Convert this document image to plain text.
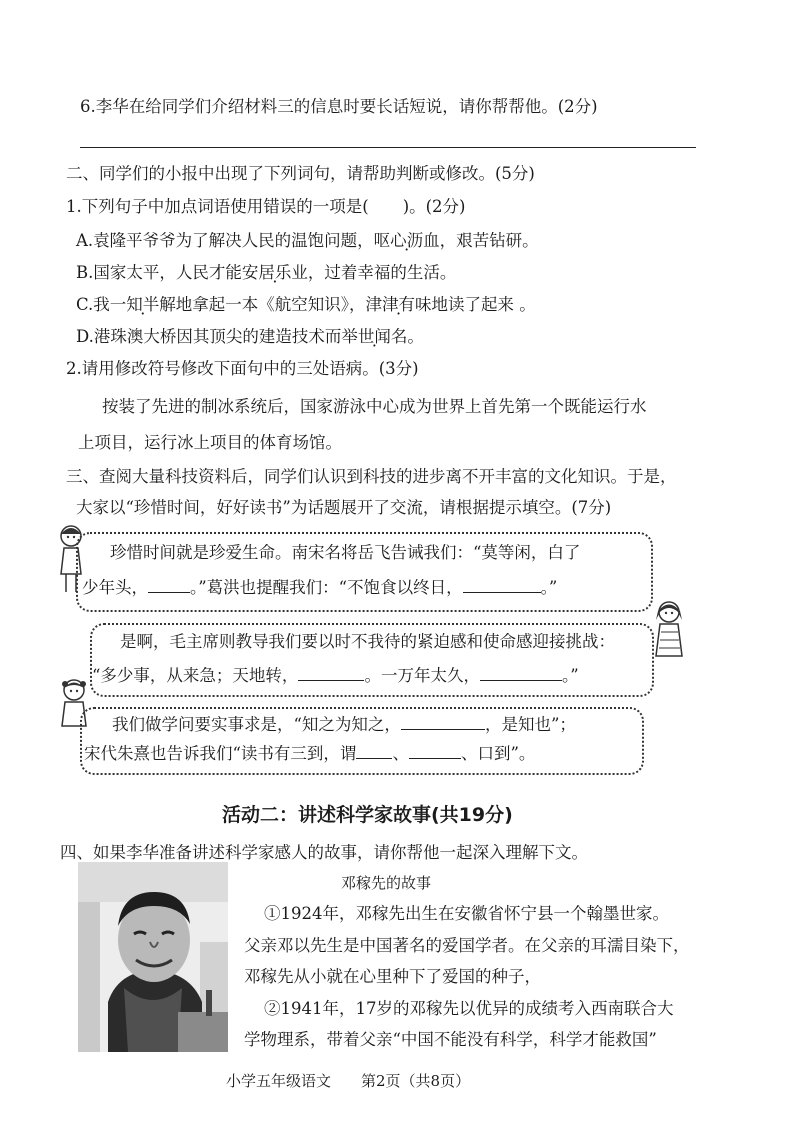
6.李华在给同学们介绍材料三的信息时要长话短说，请你帮帮他。(2分)
二、同学们的小报中出现了下列词句，请帮助判断或修改。(5分)
1.下列句子中加点词语使用错误的一项是( )。(2分)
A.袁隆平爷爷为了解决人民的温饱问题，呕心沥血，艰苦钻研。
B.国家太平，人民才能安居乐业，过着幸福的生活。
C.我一知半解地拿起一本《航空知识》，津津有味地读了起来 。
D.港珠澳大桥因其顶尖的建造技术而举世闻名。
2.请用修改符号修改下面句中的三处语病。(3分)
按装了先进的制冰系统后，国家游泳中心成为世界上首先第一个既能运行水
上项目，运行冰上项目的体育场馆。
三、查阅大量科技资料后，同学们认识到科技的进步离不开丰富的文化知识。于是，
大家以“珍惜时间，好好读书”为话题展开了交流，请根据提示填空。(7分)
珍惜时间就是珍爱生命。南宋名将岳飞告诫我们：“莫等闲，白了
少年头，	。”葛洪也提醒我们：“不饱食以终日，	。”
是啊，毛主席则教导我们要以时不我待的紧迫感和使命感迎接挑战：
“多少事，从来急；天地转，	。一万年太久，	。”
我们做学问要实事求是，“知之为知之，	，是知也”；
宋代朱熹也告诉我们“读书有三到，谓 、	、口到”。
活动二：讲述科学家故事(共19分)
四、如果李华准备讲述科学家感人的故事，请你帮他一起深入理解下文。
邓稼先的故事
①1924年，邓稼先出生在安徽省怀宁县一个翰墨世家。
父亲邓以先生是中国著名的爱国学者。在父亲的耳濡目染下，
邓稼先从小就在心里种下了爱国的种子，
②1941年，17岁的邓稼先以优异的成绩考入西南联合大
学物理系，带着父亲“中国不能没有科学，科学才能救国”
小学五年级语文　　第2页（共8页）
